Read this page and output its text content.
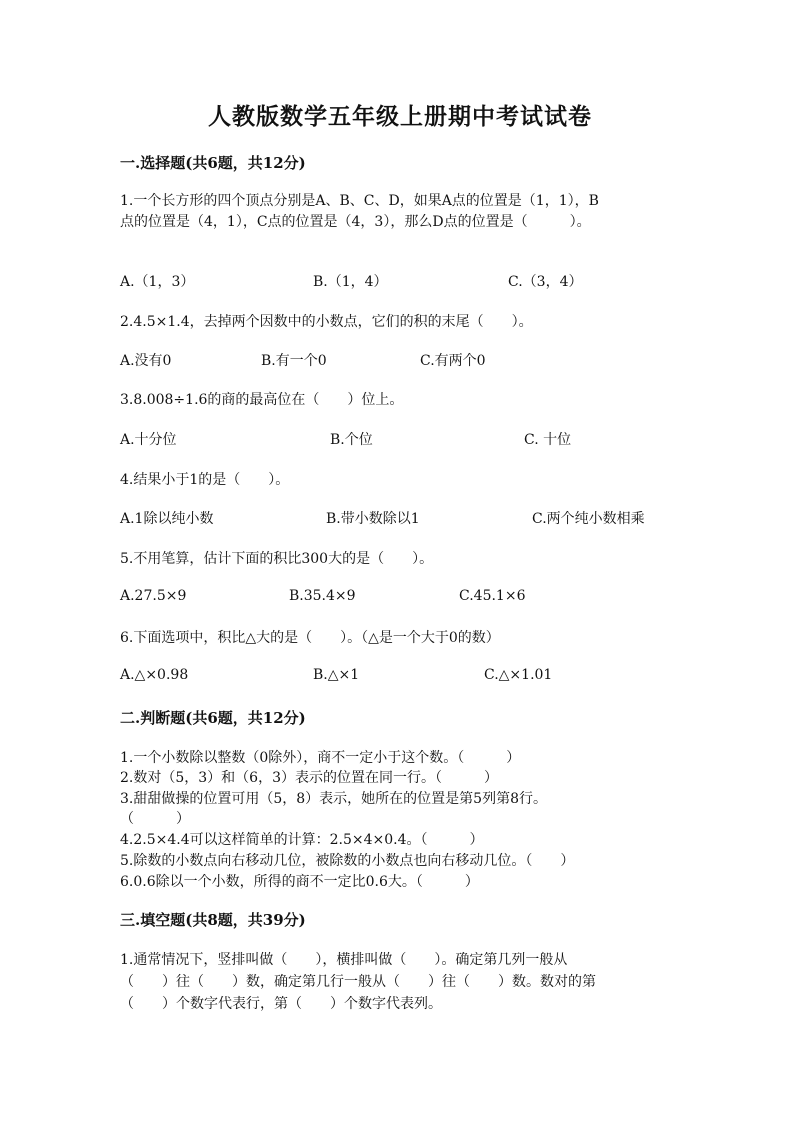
人教版数学五年级上册期中考试试卷
一.选择题(共6题，共12分)
1.一个长方形的四个顶点分别是A、B、C、D，如果A点的位置是（1，1），B
点的位置是（4，1），C点的位置是（4，3），那么D点的位置是（　　　）。
A.（1，3）	B.（1，4）	C.（3，4）
2.4.5×1.4，去掉两个因数中的小数点，它们的积的末尾（　　）。
A.没有0	B.有一个0	C.有两个0
3.8.008÷1.6的商的最高位在（　　）位上。
A.十分位	B.个位	C. 十位
4.结果小于1的是（　　）。
A.1除以纯小数	B.带小数除以1	C.两个纯小数相乘
5.不用笔算，估计下面的积比300大的是（　　）。
A.27.5×9	B.35.4×9	C.45.1×6
6.下面选项中，积比△大的是（　　）。（△是一个大于0的数）
A.△×0.98	B.△×1	C.△×1.01
二.判断题(共6题，共12分)
1.一个小数除以整数（0除外），商不一定小于这个数。（　　　）
2.数对（5，3）和（6，3）表示的位置在同一行。（　　　）
3.甜甜做操的位置可用（5，8）表示，她所在的位置是第5列第8行。
（　　　）
4.2.5×4.4可以这样简单的计算：2.5×4×0.4。（　　　）
5.除数的小数点向右移动几位，被除数的小数点也向右移动几位。（　　）
6.0.6除以一个小数，所得的商不一定比0.6大。（　　　）
三.填空题(共8题，共39分)
1.通常情况下，竖排叫做（　　），横排叫做（　　）。确定第几列一般从
（　　）往（　　）数，确定第几行一般从（　　）往（　　）数。数对的第
（　　）个数字代表行，第（　　）个数字代表列。
